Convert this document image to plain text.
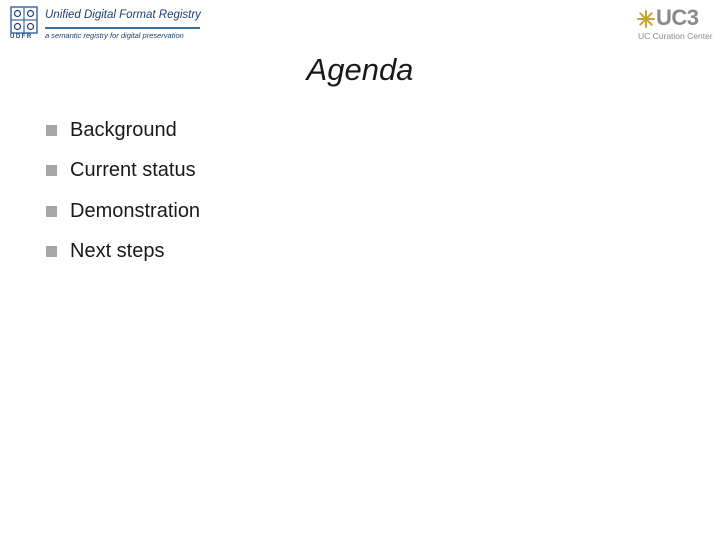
UDFR
Unified Digital Format Registry
a semantic registry for digital preservation
UC3
UC Curation Center
Agenda
Background
Current status
Demonstration
Next steps
